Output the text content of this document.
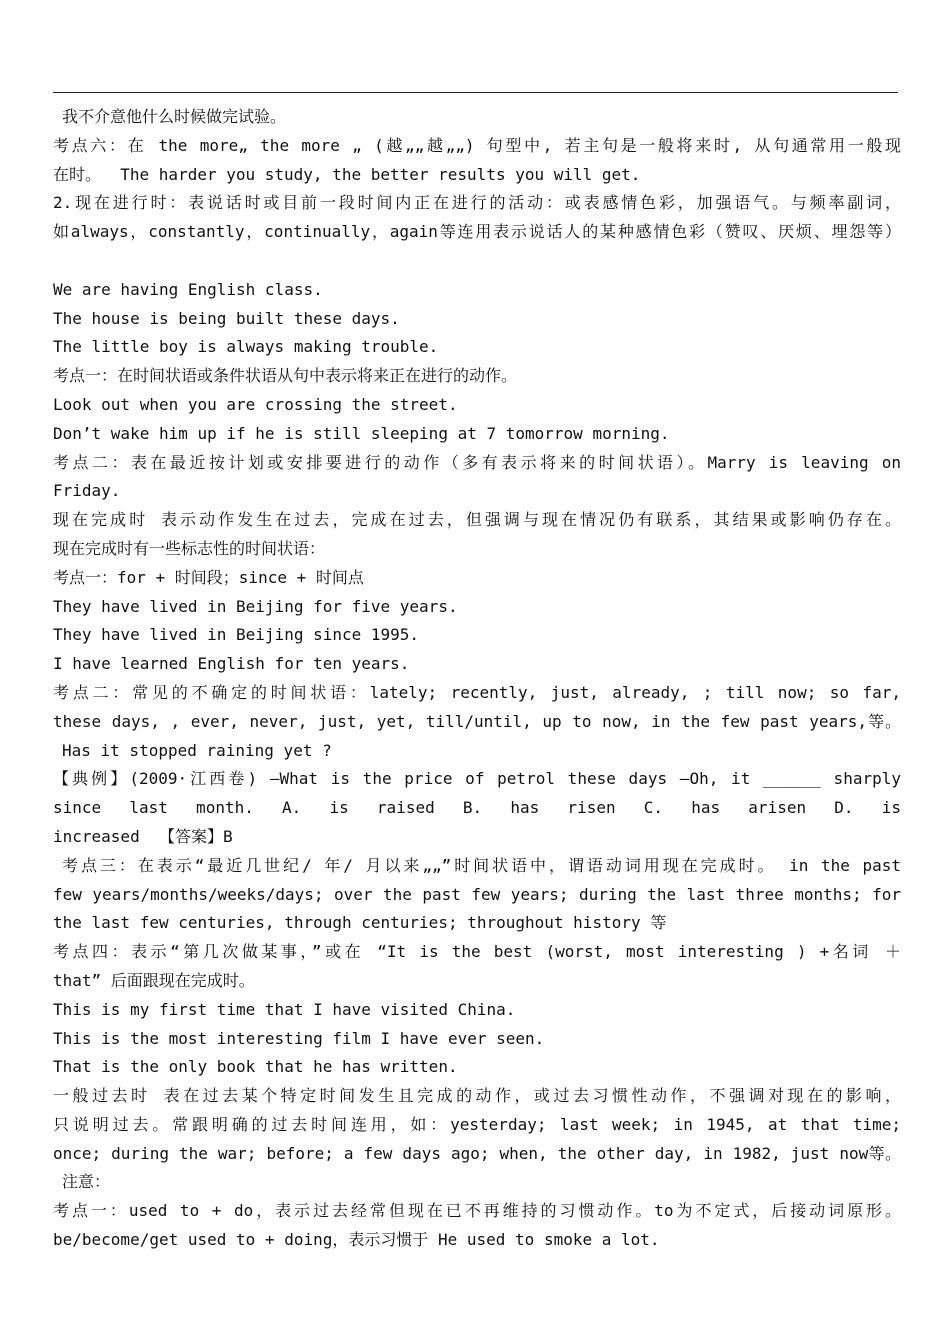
我不介意他什么时候做完试验。
考点六：在 the more„ the more „ (越„„越„„) 句型中, 若主句是一般将来时, 从句通常用一般现
在时。  The harder you study, the better results you will get.
2.现在进行时：表说话时或目前一段时间内正在进行的活动：或表感情色彩，加强语气。与频率副词，
如always，constantly，continually，again等连用表示说话人的某种感情色彩（赞叹、厌烦、埋怨等）
We are having English class.
The house is being built these days.
The little boy is always making trouble.
考点一：在时间状语或条件状语从句中表示将来正在进行的动作。
Look out when you are crossing the street.
Don’t wake him up if he is still sleeping at 7 tomorrow morning.
考点二：表在最近按计划或安排要进行的动作（多有表示将来的时间状语）。Marry is leaving on
Friday.
现在完成时 表示动作发生在过去，完成在过去，但强调与现在情况仍有联系，其结果或影响仍存在。
现在完成时有一些标志性的时间状语：
考点一：for + 时间段；since + 时间点
They have lived in Beijing for five years.
They have lived in Beijing since 1995.
I have learned English for ten years.
考点二：常见的不确定的时间状语：lately; recently, just, already, ; till now; so far,
these days, , ever, never, just, yet, till/until, up to now, in the few past years,等。
Has it stopped raining yet ?
【典例】(2009·江西卷) —What is the price of petrol these days —Oh, it ______ sharply
since last month. A. is raised B. has risen C. has arisen D. is
increased  【答案】B
考点三：在表示“最近几世纪/ 年/ 月以来„„”时间状语中，谓语动词用现在完成时。 in the past
few years/months/weeks/days; over the past few years; during the last three months; for
the last few centuries, through centuries; throughout history 等
考点四：表示“第几次做某事，”或在 “It is the best (worst, most interesting ) +名词 ＋
that” 后面跟现在完成时。
This is my first time that I have visited China.
This is the most interesting film I have ever seen.
That is the only book that he has written.
一般过去时 表在过去某个特定时间发生且完成的动作，或过去习惯性动作，不强调对现在的影响，
只说明过去。常跟明确的过去时间连用，如：yesterday; last week; in 1945, at that time;
once; during the war; before; a few days ago; when, the other day, in 1982, just now等。
注意：
考点一：used to + do，表示过去经常但现在已不再维持的习惯动作。to为不定式，后接动词原形。
be/become/get used to + doing，表示习惯于 He used to smoke a lot.
